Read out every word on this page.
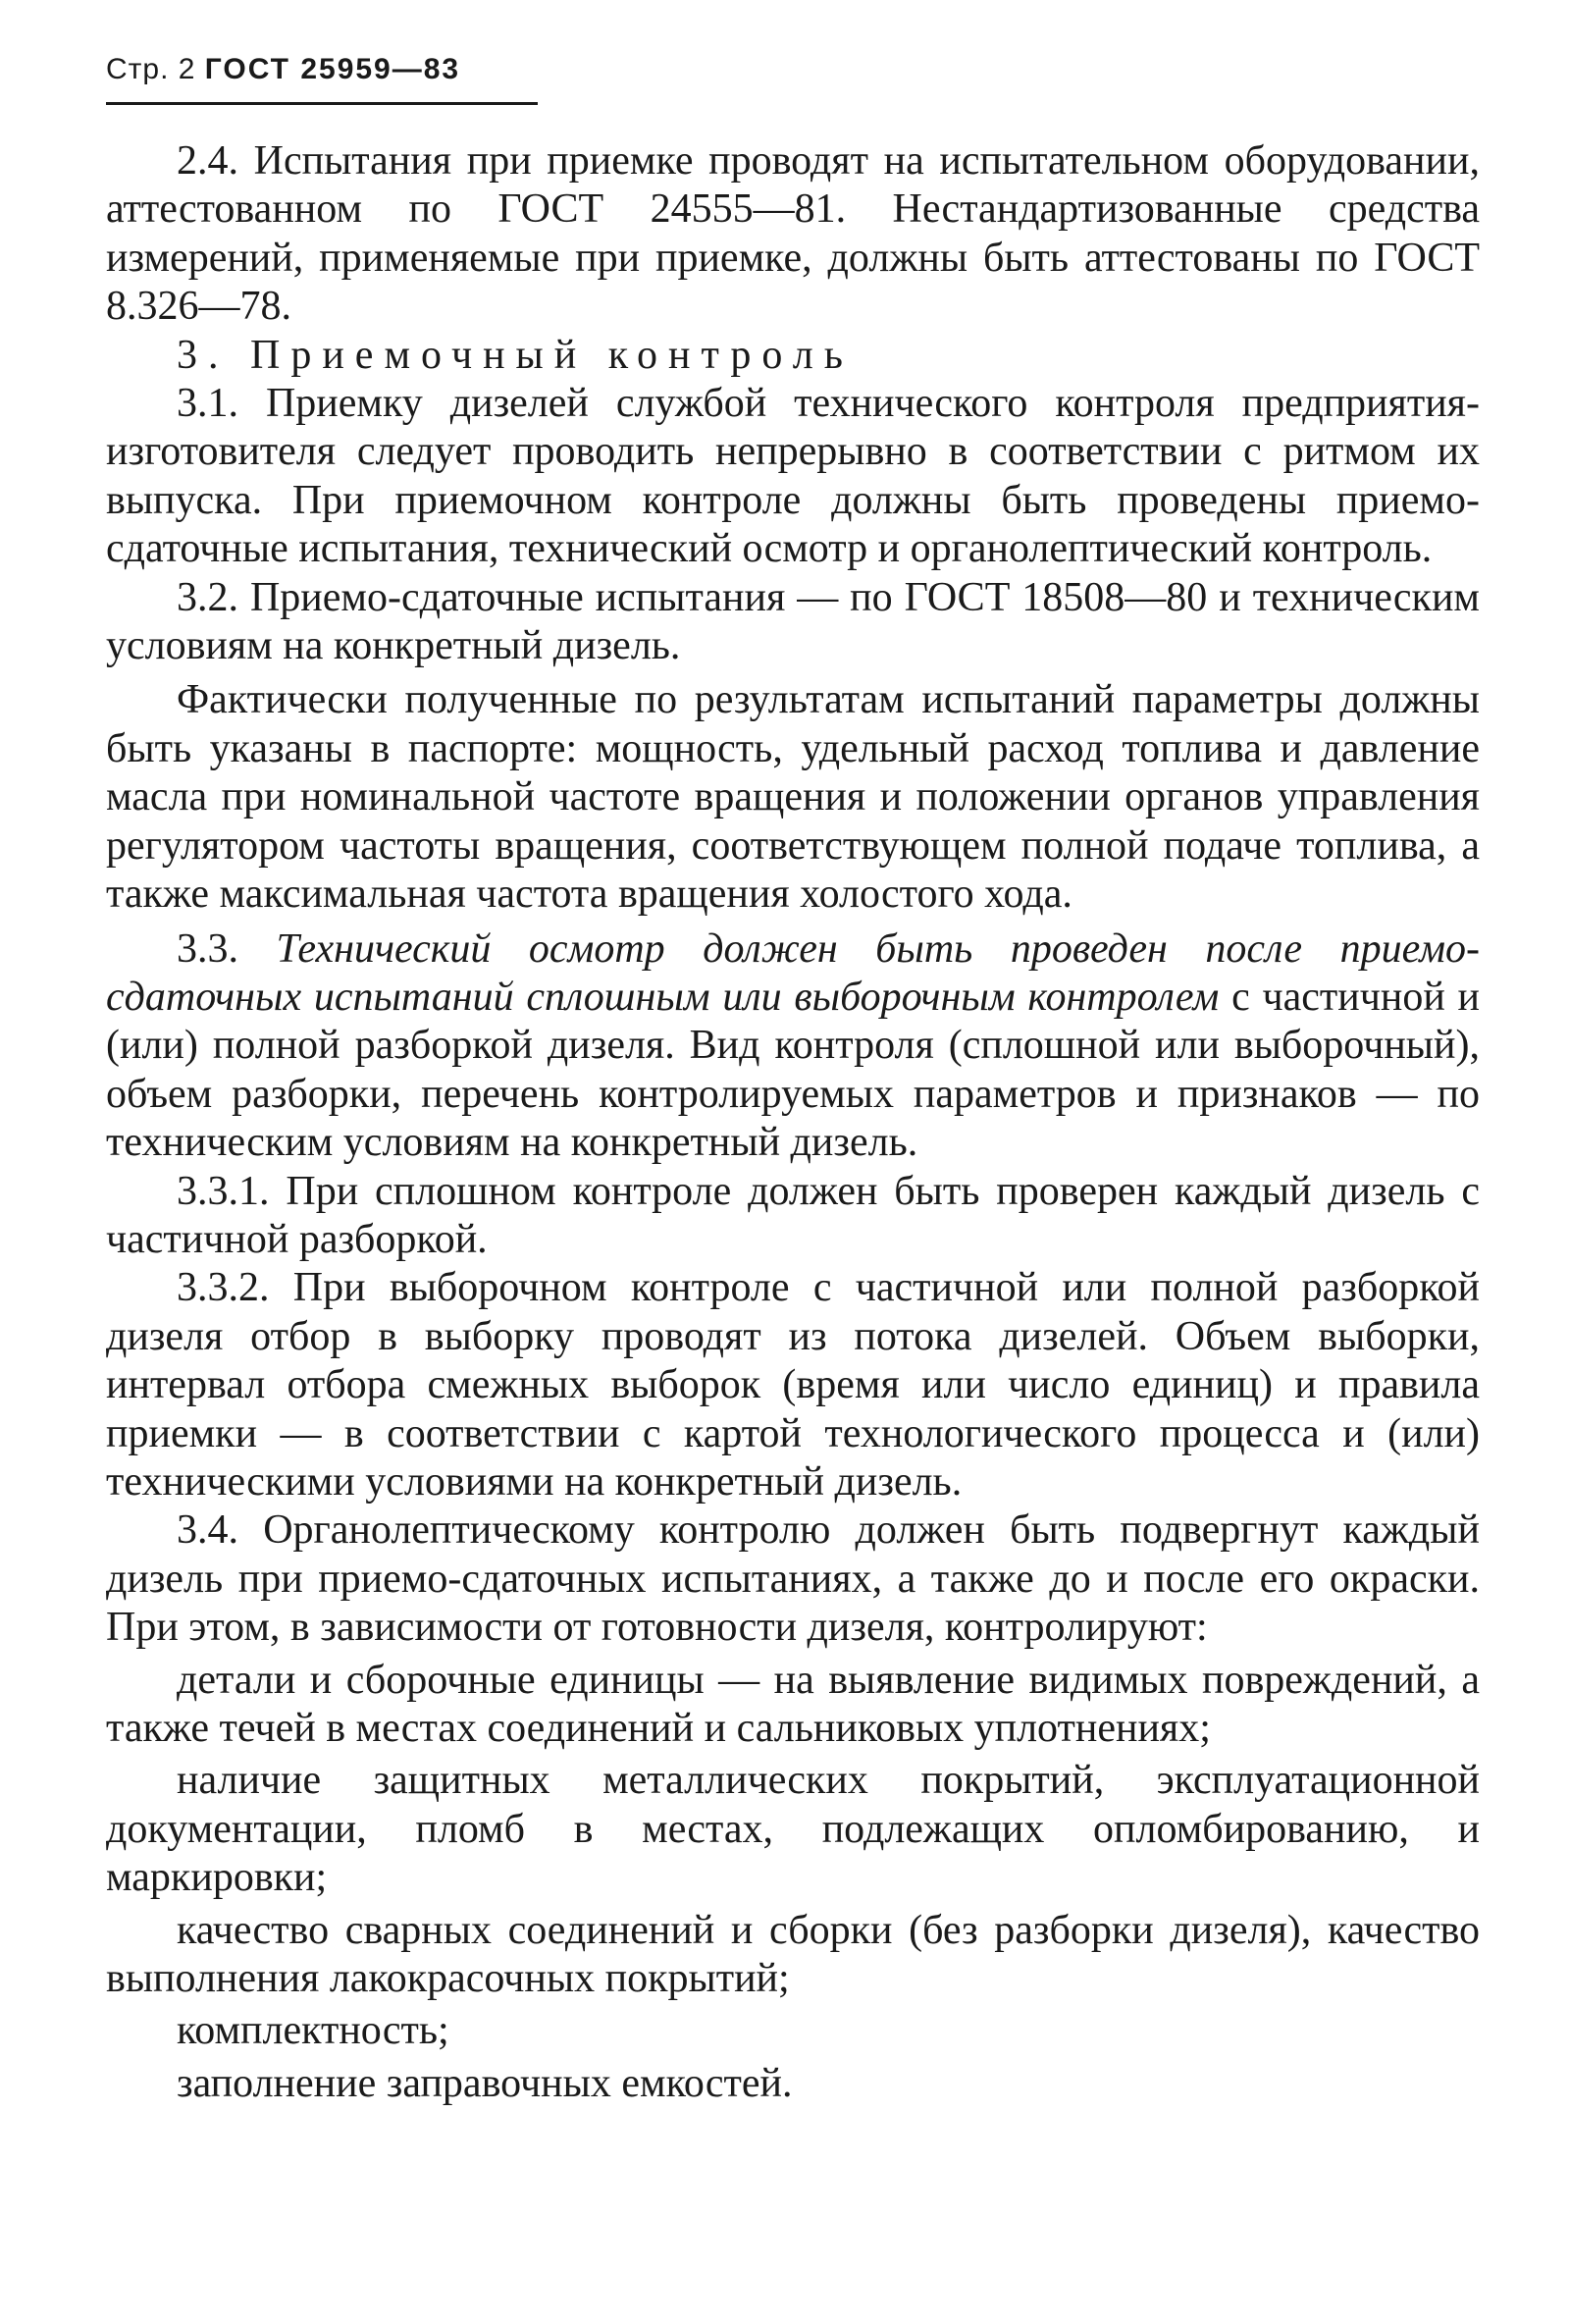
Стр. 2 ГОСТ 25959—83

2.4. Испытания при приемке проводят на испытательном оборудовании, аттестованном по ГОСТ 24555—81. Нестандартизованные средства измерений, применяемые при приемке, должны быть аттестованы по ГОСТ 8.326—78.

3. Приемочный контроль

3.1. Приемку дизелей службой технического контроля предприятия-изготовителя следует проводить непрерывно в соответствии с ритмом их выпуска. При приемочном контроле должны быть проведены приемо-сдаточные испытания, технический осмотр и органолептический контроль.

3.2. Приемо-сдаточные испытания — по ГОСТ 18508—80 и техническим условиям на конкретный дизель.

Фактически полученные по результатам испытаний параметры должны быть указаны в паспорте: мощность, удельный расход топлива и давление масла при номинальной частоте вращения и положении органов управления регулятором частоты вращения, соответствующем полной подаче топлива, а также максимальная частота вращения холостого хода.

3.3. Технический осмотр должен быть проведен после приемо-сдаточных испытаний сплошным или выборочным контролем с частичной и (или) полной разборкой дизеля. Вид контроля (сплошной или выборочный), объем разборки, перечень контролируемых параметров и признаков — по техническим условиям на конкретный дизель.

3.3.1. При сплошном контроле должен быть проверен каждый дизель с частичной разборкой.

3.3.2. При выборочном контроле с частичной или полной разборкой дизеля отбор в выборку проводят из потока дизелей. Объем выборки, интервал отбора смежных выборок (время или число единиц) и правила приемки — в соответствии с картой технологического процесса и (или) техническими условиями на конкретный дизель.

3.4. Органолептическому контролю должен быть подвергнут каждый дизель при приемо-сдаточных испытаниях, а также до и после его окраски. При этом, в зависимости от готовности дизеля, контролируют:

детали и сборочные единицы — на выявление видимых повреждений, а также течей в местах соединений и сальниковых уплотнениях;

наличие защитных металлических покрытий, эксплуатационной документации, пломб в местах, подлежащих опломбированию, и маркировки;

качество сварных соединений и сборки (без разборки дизеля), качество выполнения лакокрасочных покрытий;

комплектность;

заполнение заправочных емкостей.
